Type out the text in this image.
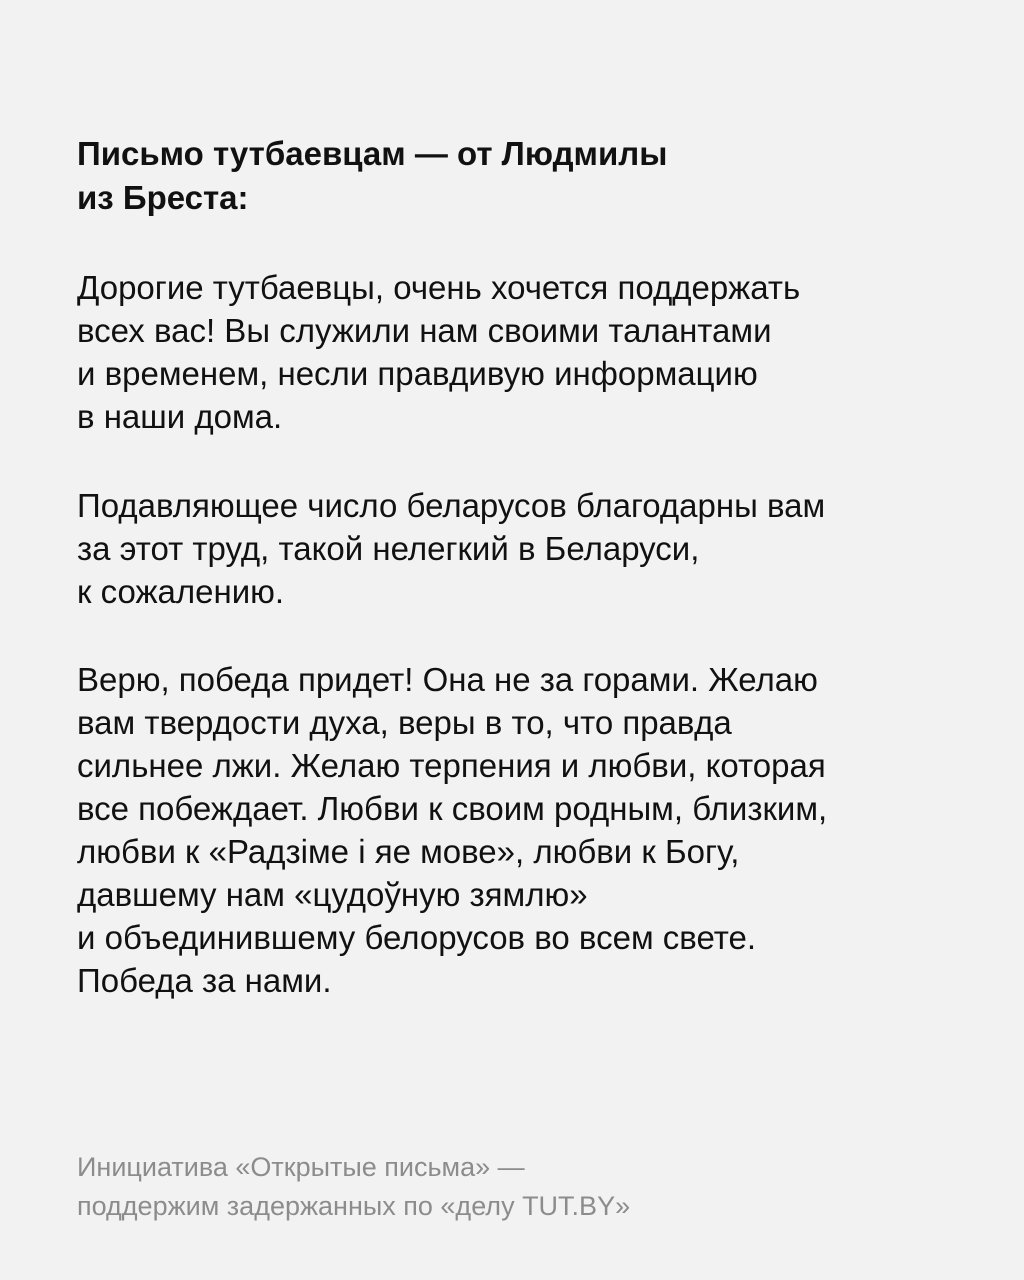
Письмо тутбаевцам — от Людмилы
из Бреста:

Дорогие тутбаевцы, очень хочется поддержать
всех вас! Вы служили нам своими талантами
и временем, несли правдивую информацию
в наши дома.

Подавляющее число беларусов благодарны вам
за этот труд, такой нелегкий в Беларуси,
к сожалению.

Верю, победа придет! Она не за горами. Желаю
вам твердости духа, веры в то, что правда
сильнее лжи. Желаю терпения и любви, которая
все побеждает. Любви к своим родным, близким,
любви к «Радзіме і яе мове», любви к Богу,
давшему нам «цудоўную зямлю»
и объединившему белорусов во всем свете.
Победа за нами.

Инициатива «Открытые письма» —
поддержим задержанных по «делу TUT.BY»
